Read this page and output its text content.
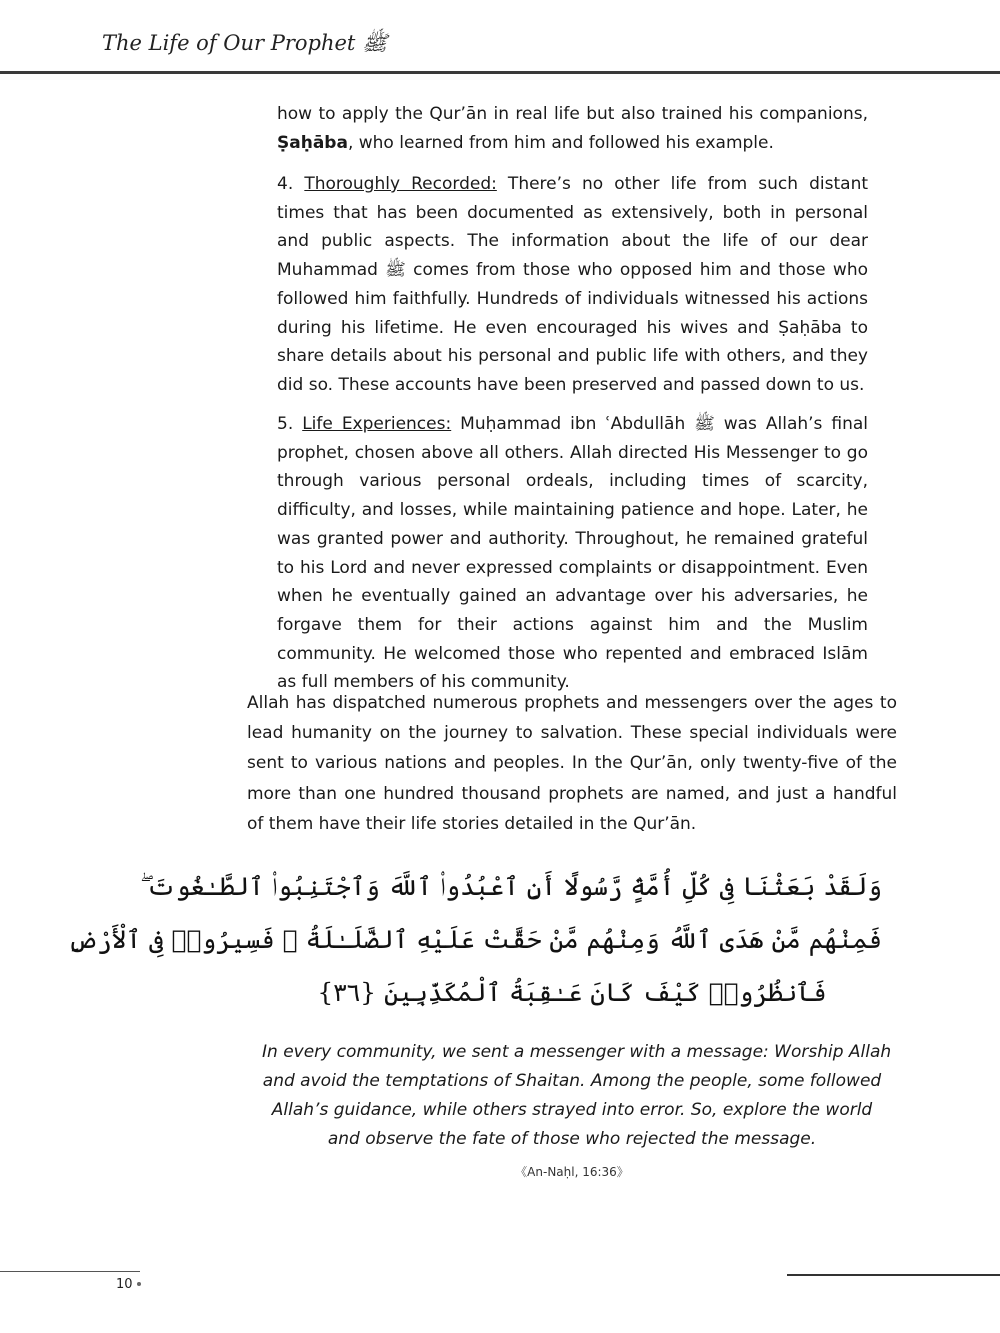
The Life of Our Prophet ﷺ

how to apply the Qur’ān in real life but also trained his companions, Ṣaḥāba, who learned from him and followed his example.

4. Thoroughly Recorded: There’s no other life from such distant times that has been documented as extensively, both in personal and public aspects. The information about the life of our dear Muhammad ﷺ comes from those who opposed him and those who followed him faithfully. Hundreds of individuals witnessed his actions during his lifetime. He even encouraged his wives and Ṣaḥāba to share details about his personal and public life with others, and they did so. These accounts have been preserved and passed down to us.

5. Life Experiences: Muḥammad ibn ʿAbdullāh ﷺ was Allah’s final prophet, chosen above all others. Allah directed His Messenger to go through various personal ordeals, including times of scarcity, difficulty, and losses, while maintaining patience and hope. Later, he was granted power and authority. Throughout, he remained grateful to his Lord and never expressed complaints or disappointment. Even when he eventually gained an advantage over his adversaries, he forgave them for their actions against him and the Muslim community. He welcomed those who repented and embraced Islām as full members of his community.

Allah has dispatched numerous prophets and messengers over the ages to lead humanity on the journey to salvation. These special individuals were sent to various nations and peoples. In the Qur’ān, only twenty-five of the more than one hundred thousand prophets are named, and just a handful of them have their life stories detailed in the Qur’ān.

وَلَقَدْ بَعَثْنَا فِى كُلِّ أُمَّةٍۢ رَّسُولًا أَنِ ٱعْبُدُوا۟ ٱللَّهَ وَٱجْتَنِبُوا۟ ٱلطَّـٰغُوتَ ۖ
فَمِنْهُم مَّنْ هَدَى ٱللَّهُ وَمِنْهُم مَّنْ حَقَّتْ عَلَيْهِ ٱلضَّلَـٰلَةُ ۚ فَسِيرُوا۟ فِى ٱلْأَرْضِ
فَٱنظُرُوا۟ كَيْفَ كَانَ عَـٰقِبَةُ ٱلْمُكَذِّبِينَ {٣٦}
In every community, we sent a messenger with a message: Worship Allah
and avoid the temptations of Shaitan. Among the people, some followed
Allah’s guidance, while others strayed into error. So, explore the world
and observe the fate of those who rejected the message.
《An-Naḥl, 16:36》
10
